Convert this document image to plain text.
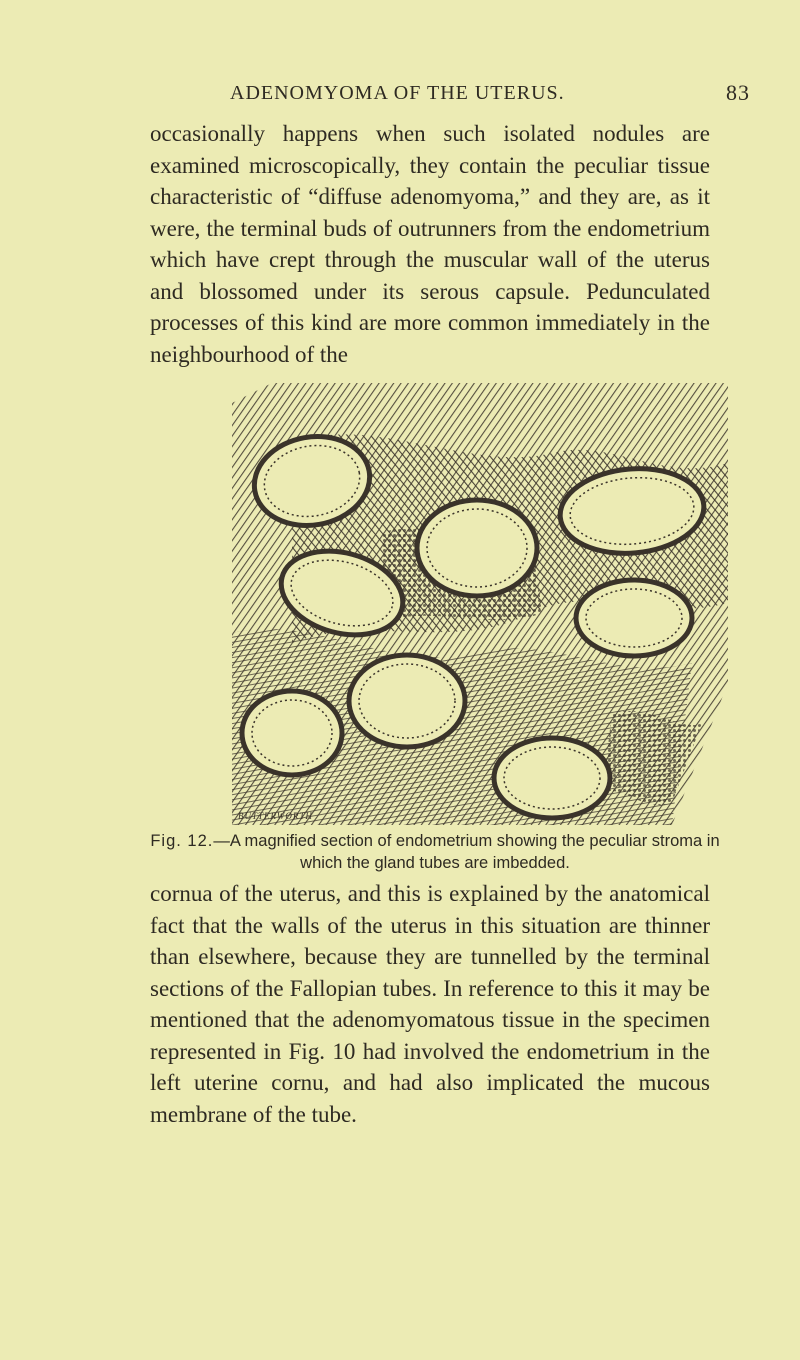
ADENOMYOMA OF THE UTERUS.	83

occasionally happens when such isolated nodules are examined microscopically, they contain the peculiar tissue characteristic of “diffuse adenomyoma,” and they are, as it were, the terminal buds of outrunners from the endometrium which have crept through the muscular wall of the uterus and blossomed under its serous capsule. Pedunculated processes of this kind are more common immediately in the neighbourhood of the

BUTTERWORTH
Fig. 12.—A magnified section of endometrium showing the peculiar stroma in which the gland tubes are imbedded.

cornua of the uterus, and this is explained by the anatomical fact that the walls of the uterus in this situation are thinner than elsewhere, because they are tunnelled by the terminal sections of the Fallopian tubes. In reference to this it may be mentioned that the adenomyomatous tissue in the specimen represented in Fig. 10 had involved the endometrium in the left uterine cornu, and had also implicated the mucous membrane of the tube.
